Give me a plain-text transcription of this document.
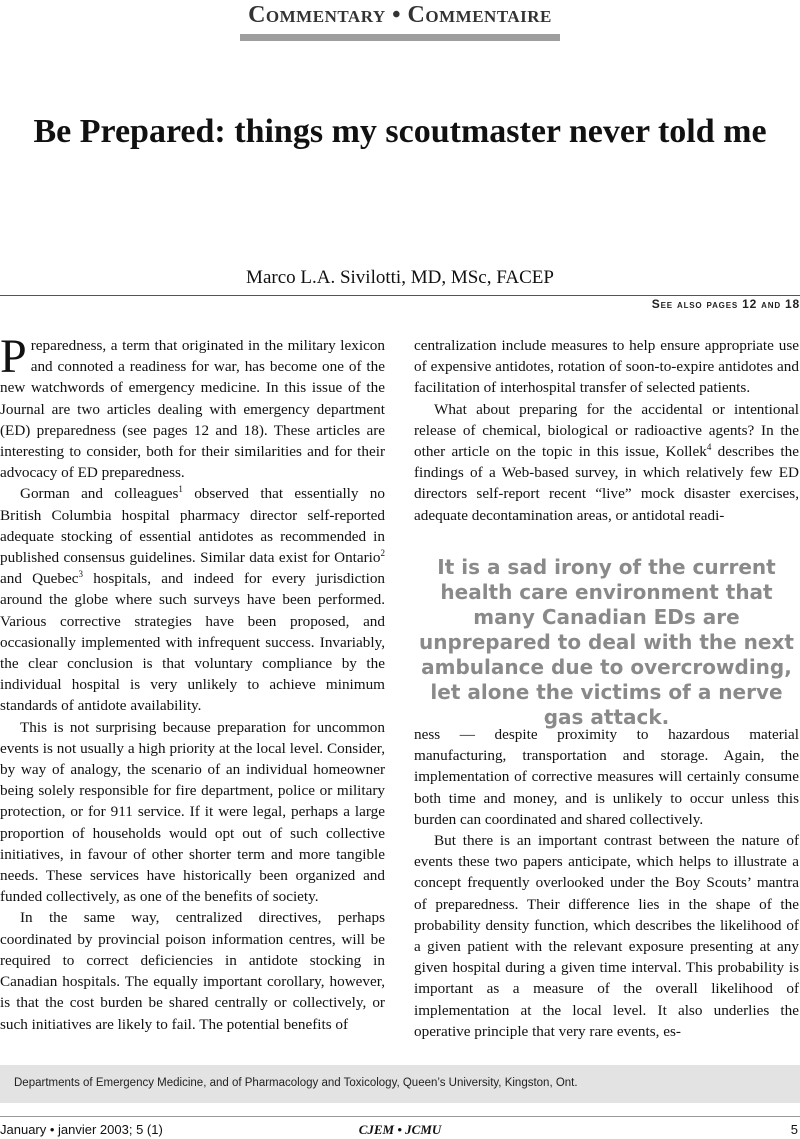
Commentary • Commentaire
Be Prepared: things my scoutmaster never told me
Marco L.A. Sivilotti, MD, MSc, FACEP
See also pages 12 and 18

Preparedness, a term that originated in the military lexicon and connoted a readiness for war, has become one of the new watchwords of emergency medicine. In this issue of the Journal are two articles dealing with emergency department (ED) preparedness (see pages 12 and 18). These articles are interesting to consider, both for their similarities and for their advocacy of ED preparedness.

Gorman and colleagues$^1$ observed that essentially no British Columbia hospital pharmacy director self-reported adequate stocking of essential antidotes as recommended in published consensus guidelines. Similar data exist for Ontario$^2$ and Quebec$^3$ hospitals, and indeed for every jurisdiction around the globe where such surveys have been performed. Various corrective strategies have been proposed, and occasionally implemented with infrequent success. Invariably, the clear conclusion is that voluntary compliance by the individual hospital is very unlikely to achieve minimum standards of antidote availability.

This is not surprising because preparation for uncommon events is not usually a high priority at the local level. Consider, by way of analogy, the scenario of an individual homeowner being solely responsible for fire department, police or military protection, or for 911 service. If it were legal, perhaps a large proportion of households would opt out of such collective initiatives, in favour of other shorter term and more tangible needs. These services have historically been organized and funded collectively, as one of the benefits of society.

In the same way, centralized directives, perhaps coordinated by provincial poison information centres, will be required to correct deficiencies in antidote stocking in Canadian hospitals. The equally important corollary, however, is that the cost burden be shared centrally or collectively, or such initiatives are likely to fail. The potential benefits of

centralization include measures to help ensure appropriate use of expensive antidotes, rotation of soon-to-expire antidotes and facilitation of interhospital transfer of selected patients.

What about preparing for the accidental or intentional release of chemical, biological or radioactive agents? In the other article on the topic in this issue, Kollek$^4$ describes the findings of a Web-based survey, in which relatively few ED directors self-report recent “live” mock disaster exercises, adequate decontamination areas, or antidotal readi-

It is a sad irony of the current health care environment that many Canadian EDs are unprepared to deal with the next ambulance due to overcrowding, let alone the victims of a nerve gas attack.

ness — despite proximity to hazardous material manufacturing, transportation and storage. Again, the implementation of corrective measures will certainly consume both time and money, and is unlikely to occur unless this burden can coordinated and shared collectively.

But there is an important contrast between the nature of events these two papers anticipate, which helps to illustrate a concept frequently overlooked under the Boy Scouts’ mantra of preparedness. Their difference lies in the shape of the probability density function, which describes the likelihood of a given patient with the relevant exposure presenting at any given hospital during a given time interval. This probability is important as a measure of the overall likelihood of implementation at the local level. It also underlies the operative principle that very rare events, es-

Departments of Emergency Medicine, and of Pharmacology and Toxicology, Queen’s University, Kingston, Ont.
January • janvier 2003; 5 (1)	CJEM • JCMU	5
